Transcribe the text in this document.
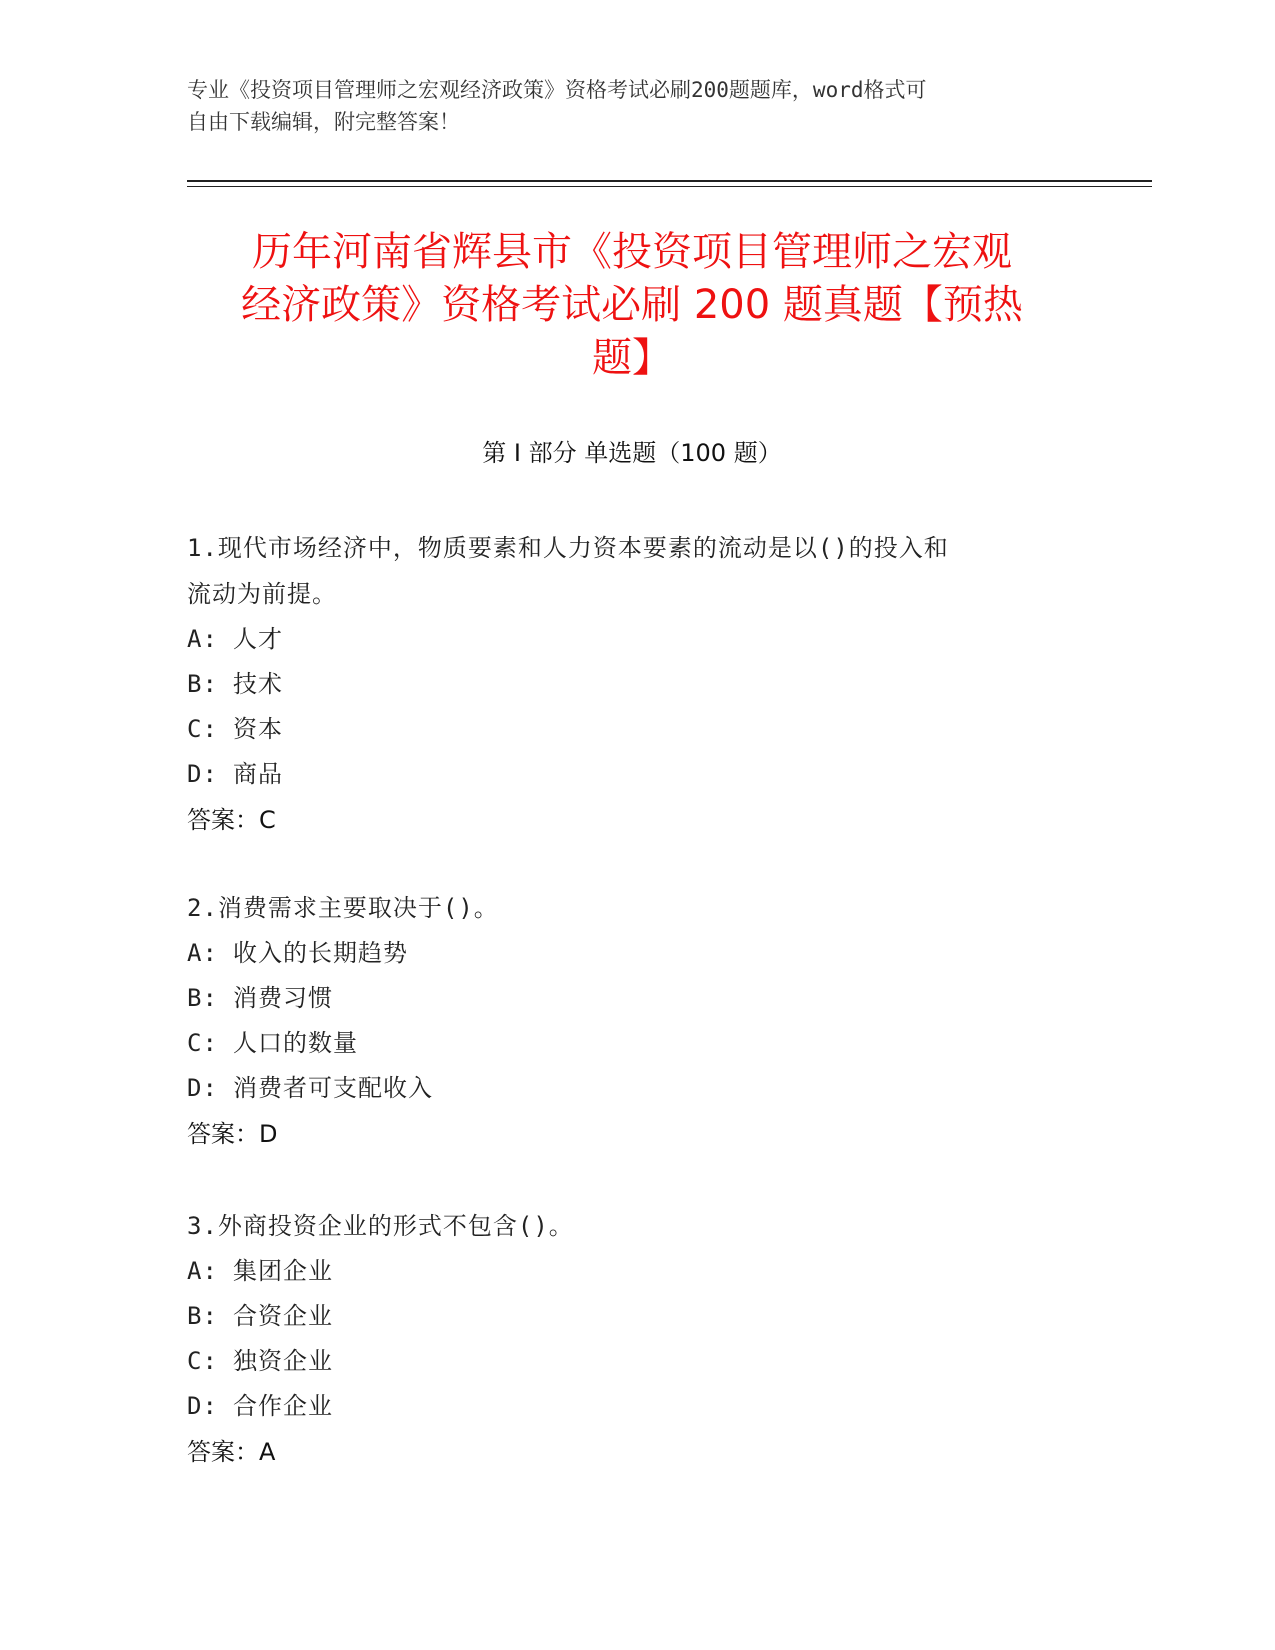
专业《投资项目管理师之宏观经济政策》资格考试必刷200题题库，word格式可
自由下载编辑，附完整答案！
历年河南省辉县市《投资项目管理师之宏观
经济政策》资格考试必刷 200 题真题【预热
题】
第 I 部分 单选题（100 题）
1.现代市场经济中，物质要素和人力资本要素的流动是以()的投入和
流动为前提。
A: 人才
B: 技术
C: 资本
D: 商品
答案：C
2.消费需求主要取决于()。
A: 收入的长期趋势
B: 消费习惯
C: 人口的数量
D: 消费者可支配收入
答案：D
3.外商投资企业的形式不包含()。
A: 集团企业
B: 合资企业
C: 独资企业
D: 合作企业
答案：A
